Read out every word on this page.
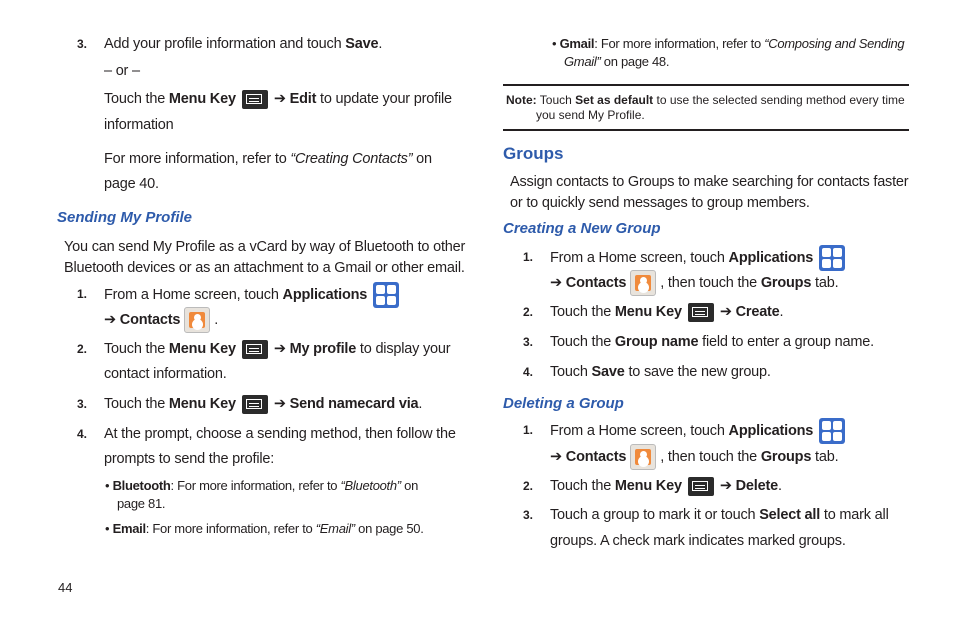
3. Add your profile information and touch Save.
– or –
Touch the Menu Key	➔ Edit to update your profile
information
For more information, refer to “Creating Contacts” on
page 40.
Sending My Profile
You can send My Profile as a vCard by way of Bluetooth to other
Bluetooth devices or as an attachment to a Gmail or other email.
1. From a Home screen, touch Applications
➔ Contacts .
2. Touch the Menu Key	➔ My profile to display your
contact information.
3. Touch the Menu Key	➔ Send namecard via.
4. At the prompt, choose a sending method, then follow the
prompts to send the profile:
• Bluetooth: For more information, refer to “Bluetooth” on
page 81.
• Email: For more information, refer to “Email” on page 50.
44
• Gmail: For more information, refer to “Composing and Sending
Gmail” on page 48.
Note: Touch Set as default to use the selected sending method every time
you send My Profile.
Groups
Assign contacts to Groups to make searching for contacts faster
or to quickly send messages to group members.
Creating a New Group
1. From a Home screen, touch Applications
➔ Contacts , then touch the Groups tab.
2. Touch the Menu Key	➔ Create.
3. Touch the Group name field to enter a group name.
4. Touch Save to save the new group.
Deleting a Group
1. From a Home screen, touch Applications
➔ Contacts , then touch the Groups tab.
2. Touch the Menu Key	➔ Delete.
3. Touch a group to mark it or touch Select all to mark all
groups. A check mark indicates marked groups.
